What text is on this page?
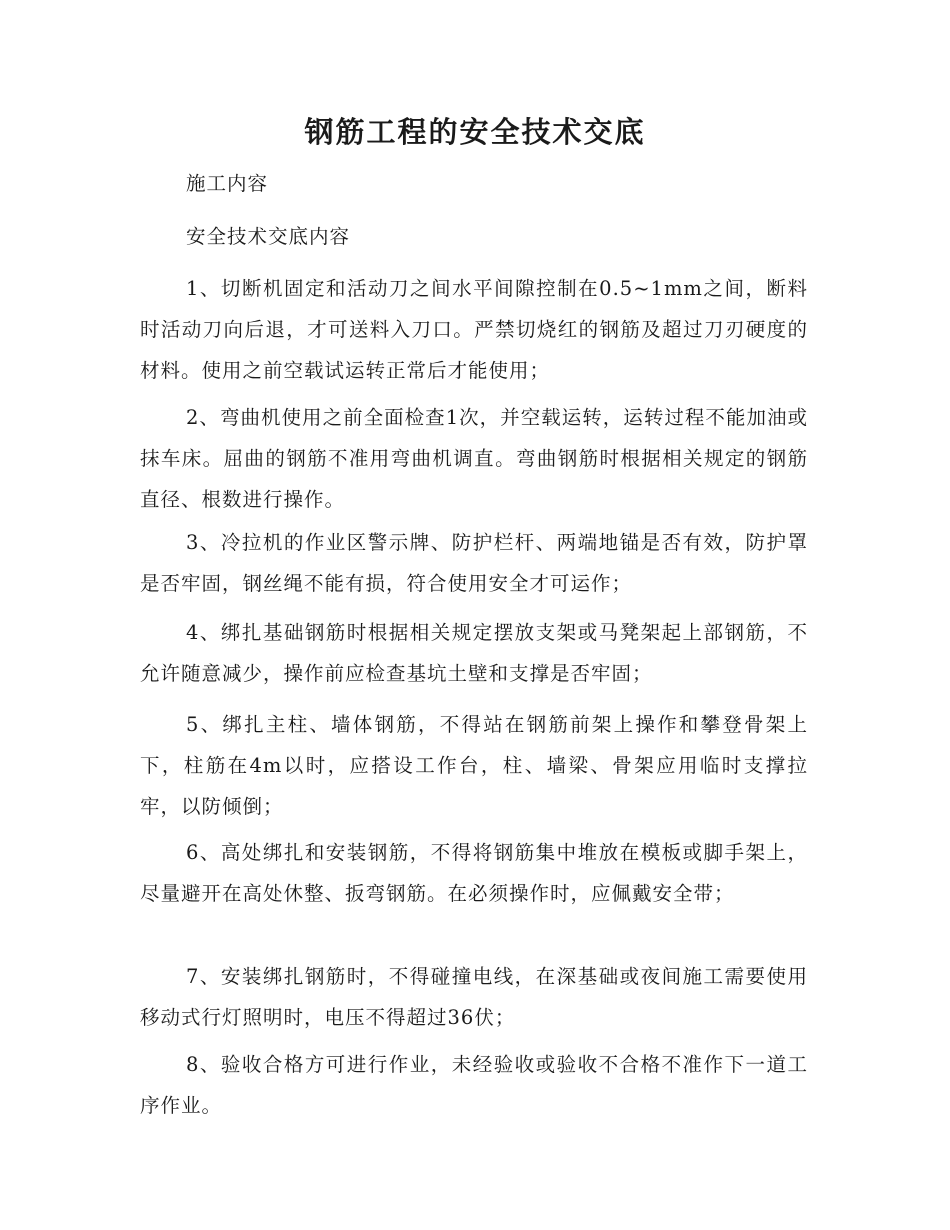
钢筋工程的安全技术交底

施工内容

安全技术交底内容

1、切断机固定和活动刀之间水平间隙控制在0.5~1mm之间，断料时活动刀向后退，才可送料入刀口。严禁切烧红的钢筋及超过刀刃硬度的材料。使用之前空载试运转正常后才能使用；

2、弯曲机使用之前全面检查1次，并空载运转，运转过程不能加油或抹车床。屈曲的钢筋不准用弯曲机调直。弯曲钢筋时根据相关规定的钢筋直径、根数进行操作。

3、冷拉机的作业区警示牌、防护栏杆、两端地锚是否有效，防护罩是否牢固，钢丝绳不能有损，符合使用安全才可运作；

4、绑扎基础钢筋时根据相关规定摆放支架或马凳架起上部钢筋，不允许随意减少，操作前应检查基坑土壁和支撑是否牢固；

5、绑扎主柱、墙体钢筋，不得站在钢筋前架上操作和攀登骨架上下，柱筋在4m以时，应搭设工作台，柱、墙梁、骨架应用临时支撑拉牢，以防倾倒；

6、高处绑扎和安装钢筋，不得将钢筋集中堆放在模板或脚手架上，尽量避开在高处休整、扳弯钢筋。在必须操作时，应佩戴安全带；

7、安装绑扎钢筋时，不得碰撞电线，在深基础或夜间施工需要使用移动式行灯照明时，电压不得超过36伏；

8、验收合格方可进行作业，未经验收或验收不合格不准作下一道工序作业。
